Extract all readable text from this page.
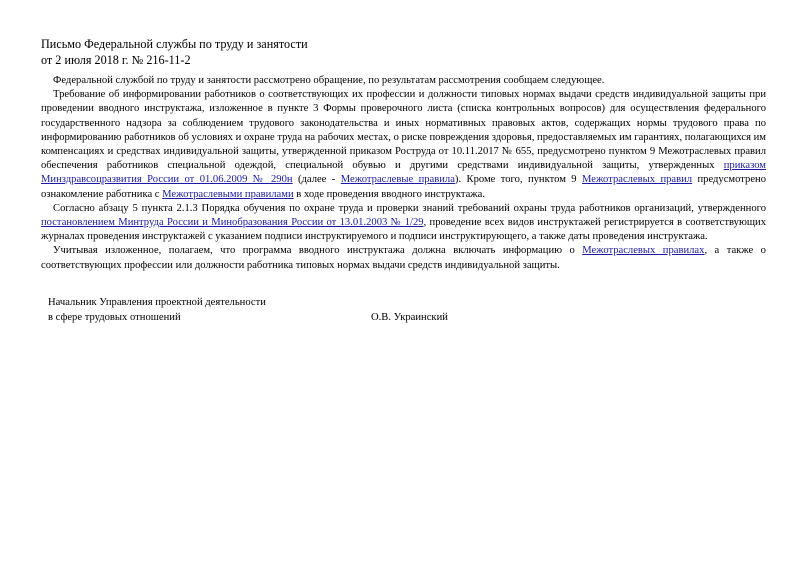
Письмо Федеральной службы по труду и занятости
от 2 июля 2018 г. № 216-11-2

Федеральной службой по труду и занятости рассмотрено обращение, по результатам рассмотрения сообщаем следующее.

Требование об информировании работников о соответствующих их профессии и должности типовых нормах выдачи средств индивидуальной защиты при проведении вводного инструктажа, изложенное в пункте 3 Формы проверочного листа (списка контрольных вопросов) для осуществления федерального государственного надзора за соблюдением трудового законодательства и иных нормативных правовых актов, содержащих нормы трудового права по информированию работников об условиях и охране труда на рабочих местах, о риске повреждения здоровья, предоставляемых им гарантиях, полагающихся им компенсациях и средствах индивидуальной защиты, утвержденной приказом Роструда от 10.11.2017 № 655, предусмотрено пунктом 9 Межотраслевых правил обеспечения работников специальной одеждой, специальной обувью и другими средствами индивидуальной защиты, утвержденных приказом Минздравсоцразвития России от 01.06.2009 № 290н (далее - Межотраслевые правила). Кроме того, пунктом 9 Межотраслевых правил предусмотрено ознакомление работника с Межотраслевыми правилами в ходе проведения вводного инструктажа.

Согласно абзацу 5 пункта 2.1.3 Порядка обучения по охране труда и проверки знаний требований охраны труда работников организаций, утвержденного постановлением Минтруда России и Минобразования России от 13.01.2003 № 1/29, проведение всех видов инструктажей регистрируется в соответствующих журналах проведения инструктажей с указанием подписи инструктируемого и подписи инструктирующего, а также даты проведения инструктажа.

Учитывая изложенное, полагаем, что программа вводного инструктажа должна включать информацию о Межотраслевых правилах, а также о соответствующих профессии или должности работника типовых нормах выдачи средств индивидуальной защиты.

Начальник Управления проектной деятельности
в сфере трудовых отношений	О.В. Украинский
